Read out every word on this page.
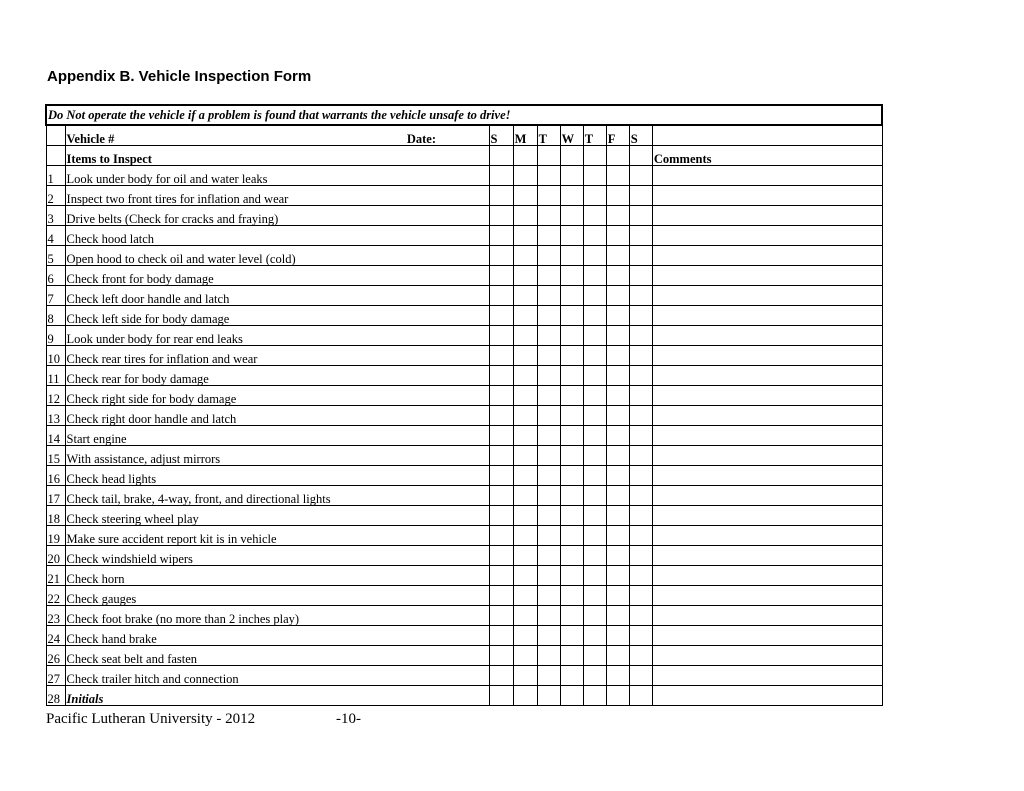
Appendix B. Vehicle Inspection Form
Do Not operate the vehicle if a problem is found that warrants the vehicle unsafe to drive!									

	Vehicle # Date:	S	M	T	W	T	F	S	
	Items to Inspect								Comments
1	Look under body for oil and water leaks								
2	Inspect two front tires for inflation and wear								
3	Drive belts (Check for cracks and fraying)								
4	Check hood latch								
5	Open hood to check oil and water level (cold)								
6	Check front for body damage								
7	Check left door handle and latch								
8	Check left side for body damage								
9	Look under body for rear end leaks								
10	Check rear tires for inflation and wear								
11	Check rear for body damage								
12	Check right side for body damage								
13	Check right door handle and latch								
14	Start engine								
15	With assistance, adjust mirrors								
16	Check head lights								
17	Check tail, brake, 4-way, front, and directional lights								
18	Check steering wheel play								
19	Make sure accident report kit is in vehicle								
20	Check windshield wipers								
21	Check horn								
22	Check gauges								
23	Check foot brake (no more than 2 inches play)								
24	Check hand brake								
26	Check seat belt and fasten								
27	Check trailer hitch and connection								
28	Initials								
Pacific Lutheran University - 2012	-10-
